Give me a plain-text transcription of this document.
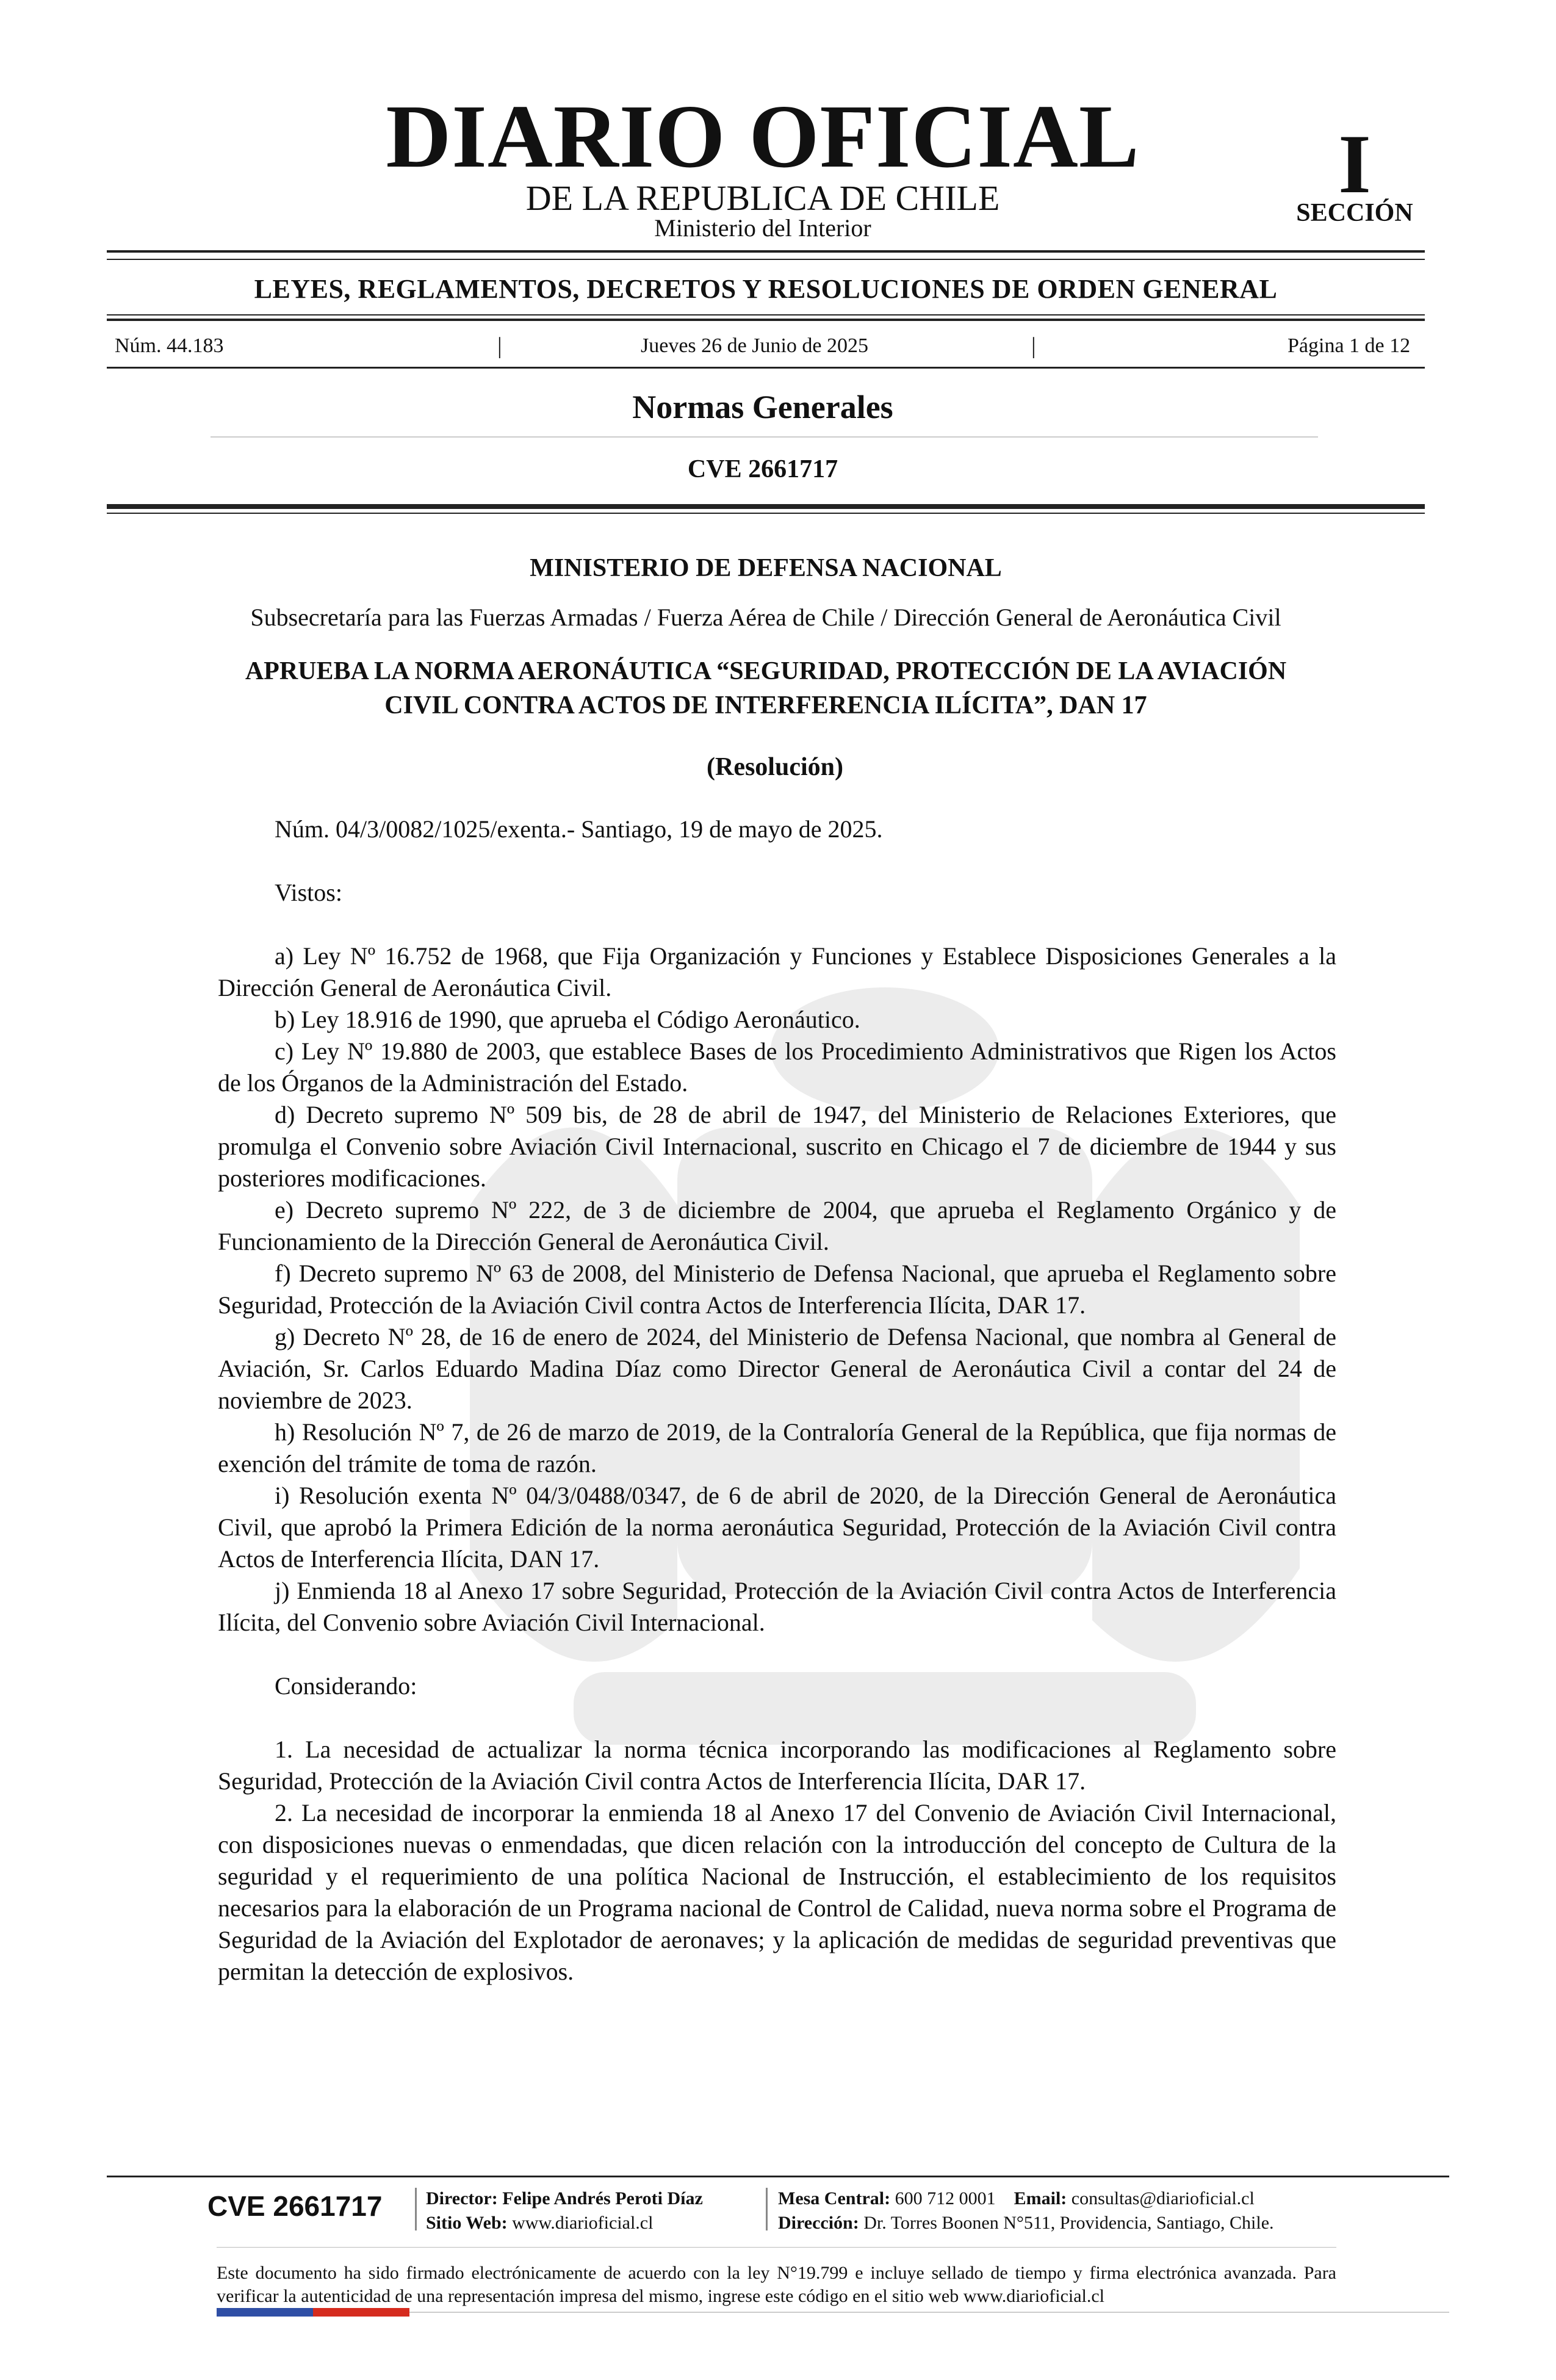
DIARIO OFICIAL
DE LA REPUBLICA DE CHILE
Ministerio del Interior
I
SECCIÓN
LEYES, REGLAMENTOS, DECRETOS Y RESOLUCIONES DE ORDEN GENERAL
Núm. 44.183	|	Jueves 26 de Junio de 2025	|	Página 1 de 12
Normas Generales
CVE 2661717
MINISTERIO DE DEFENSA NACIONAL
Subsecretaría para las Fuerzas Armadas / Fuerza Aérea de Chile / Dirección General de Aeronáutica Civil
APRUEBA LA NORMA AERONÁUTICA “SEGURIDAD, PROTECCIÓN DE LA AVIACIÓN CIVIL CONTRA ACTOS DE INTERFERENCIA ILÍCITA”, DAN 17
(Resolución)

Núm. 04/3/0082/1025/exenta.- Santiago, 19 de mayo de 2025.

Vistos:

a) Ley Nº 16.752 de 1968, que Fija Organización y Funciones y Establece Disposiciones Generales a la Dirección General de Aeronáutica Civil.

b) Ley 18.916 de 1990, que aprueba el Código Aeronáutico.

c) Ley Nº 19.880 de 2003, que establece Bases de los Procedimiento Administrativos que Rigen los Actos de los Órganos de la Administración del Estado.

d) Decreto supremo Nº 509 bis, de 28 de abril de 1947, del Ministerio de Relaciones Exteriores, que promulga el Convenio sobre Aviación Civil Internacional, suscrito en Chicago el 7 de diciembre de 1944 y sus posteriores modificaciones.

e) Decreto supremo Nº 222, de 3 de diciembre de 2004, que aprueba el Reglamento Orgánico y de Funcionamiento de la Dirección General de Aeronáutica Civil.

f) Decreto supremo Nº 63 de 2008, del Ministerio de Defensa Nacional, que aprueba el Reglamento sobre Seguridad, Protección de la Aviación Civil contra Actos de Interferencia Ilícita, DAR 17.

g) Decreto Nº 28, de 16 de enero de 2024, del Ministerio de Defensa Nacional, que nombra al General de Aviación, Sr. Carlos Eduardo Madina Díaz como Director General de Aeronáutica Civil a contar del 24 de noviembre de 2023.

h) Resolución Nº 7, de 26 de marzo de 2019, de la Contraloría General de la República, que fija normas de exención del trámite de toma de razón.

i) Resolución exenta Nº 04/3/0488/0347, de 6 de abril de 2020, de la Dirección General de Aeronáutica Civil, que aprobó la Primera Edición de la norma aeronáutica Seguridad, Protección de la Aviación Civil contra Actos de Interferencia Ilícita, DAN 17.

j) Enmienda 18 al Anexo 17 sobre Seguridad, Protección de la Aviación Civil contra Actos de Interferencia Ilícita, del Convenio sobre Aviación Civil Internacional.

Considerando:

1. La necesidad de actualizar la norma técnica incorporando las modificaciones al Reglamento sobre Seguridad, Protección de la Aviación Civil contra Actos de Interferencia Ilícita, DAR 17.

2. La necesidad de incorporar la enmienda 18 al Anexo 17 del Convenio de Aviación Civil Internacional, con disposiciones nuevas o enmendadas, que dicen relación con la introducción del concepto de Cultura de la seguridad y el requerimiento de una política Nacional de Instrucción, el establecimiento de los requisitos necesarios para la elaboración de un Programa nacional de Control de Calidad, nueva norma sobre el Programa de Seguridad de la Aviación del Explotador de aeronaves; y la aplicación de medidas de seguridad preventivas que permitan la detección de explosivos.

CVE 2661717	Director: Felipe Andrés Peroti Díaz
Sitio Web: www.diarioficial.cl
Mesa Central: 600 712 0001 Email: consultas@diarioficial.cl
Dirección: Dr. Torres Boonen N°511, Providencia, Santiago, Chile.
Este documento ha sido firmado electrónicamente de acuerdo con la ley N°19.799 e incluye sellado de tiempo y firma electrónica avanzada. Para verificar la autenticidad de una representación impresa del mismo, ingrese este código en el sitio web www.diarioficial.cl
